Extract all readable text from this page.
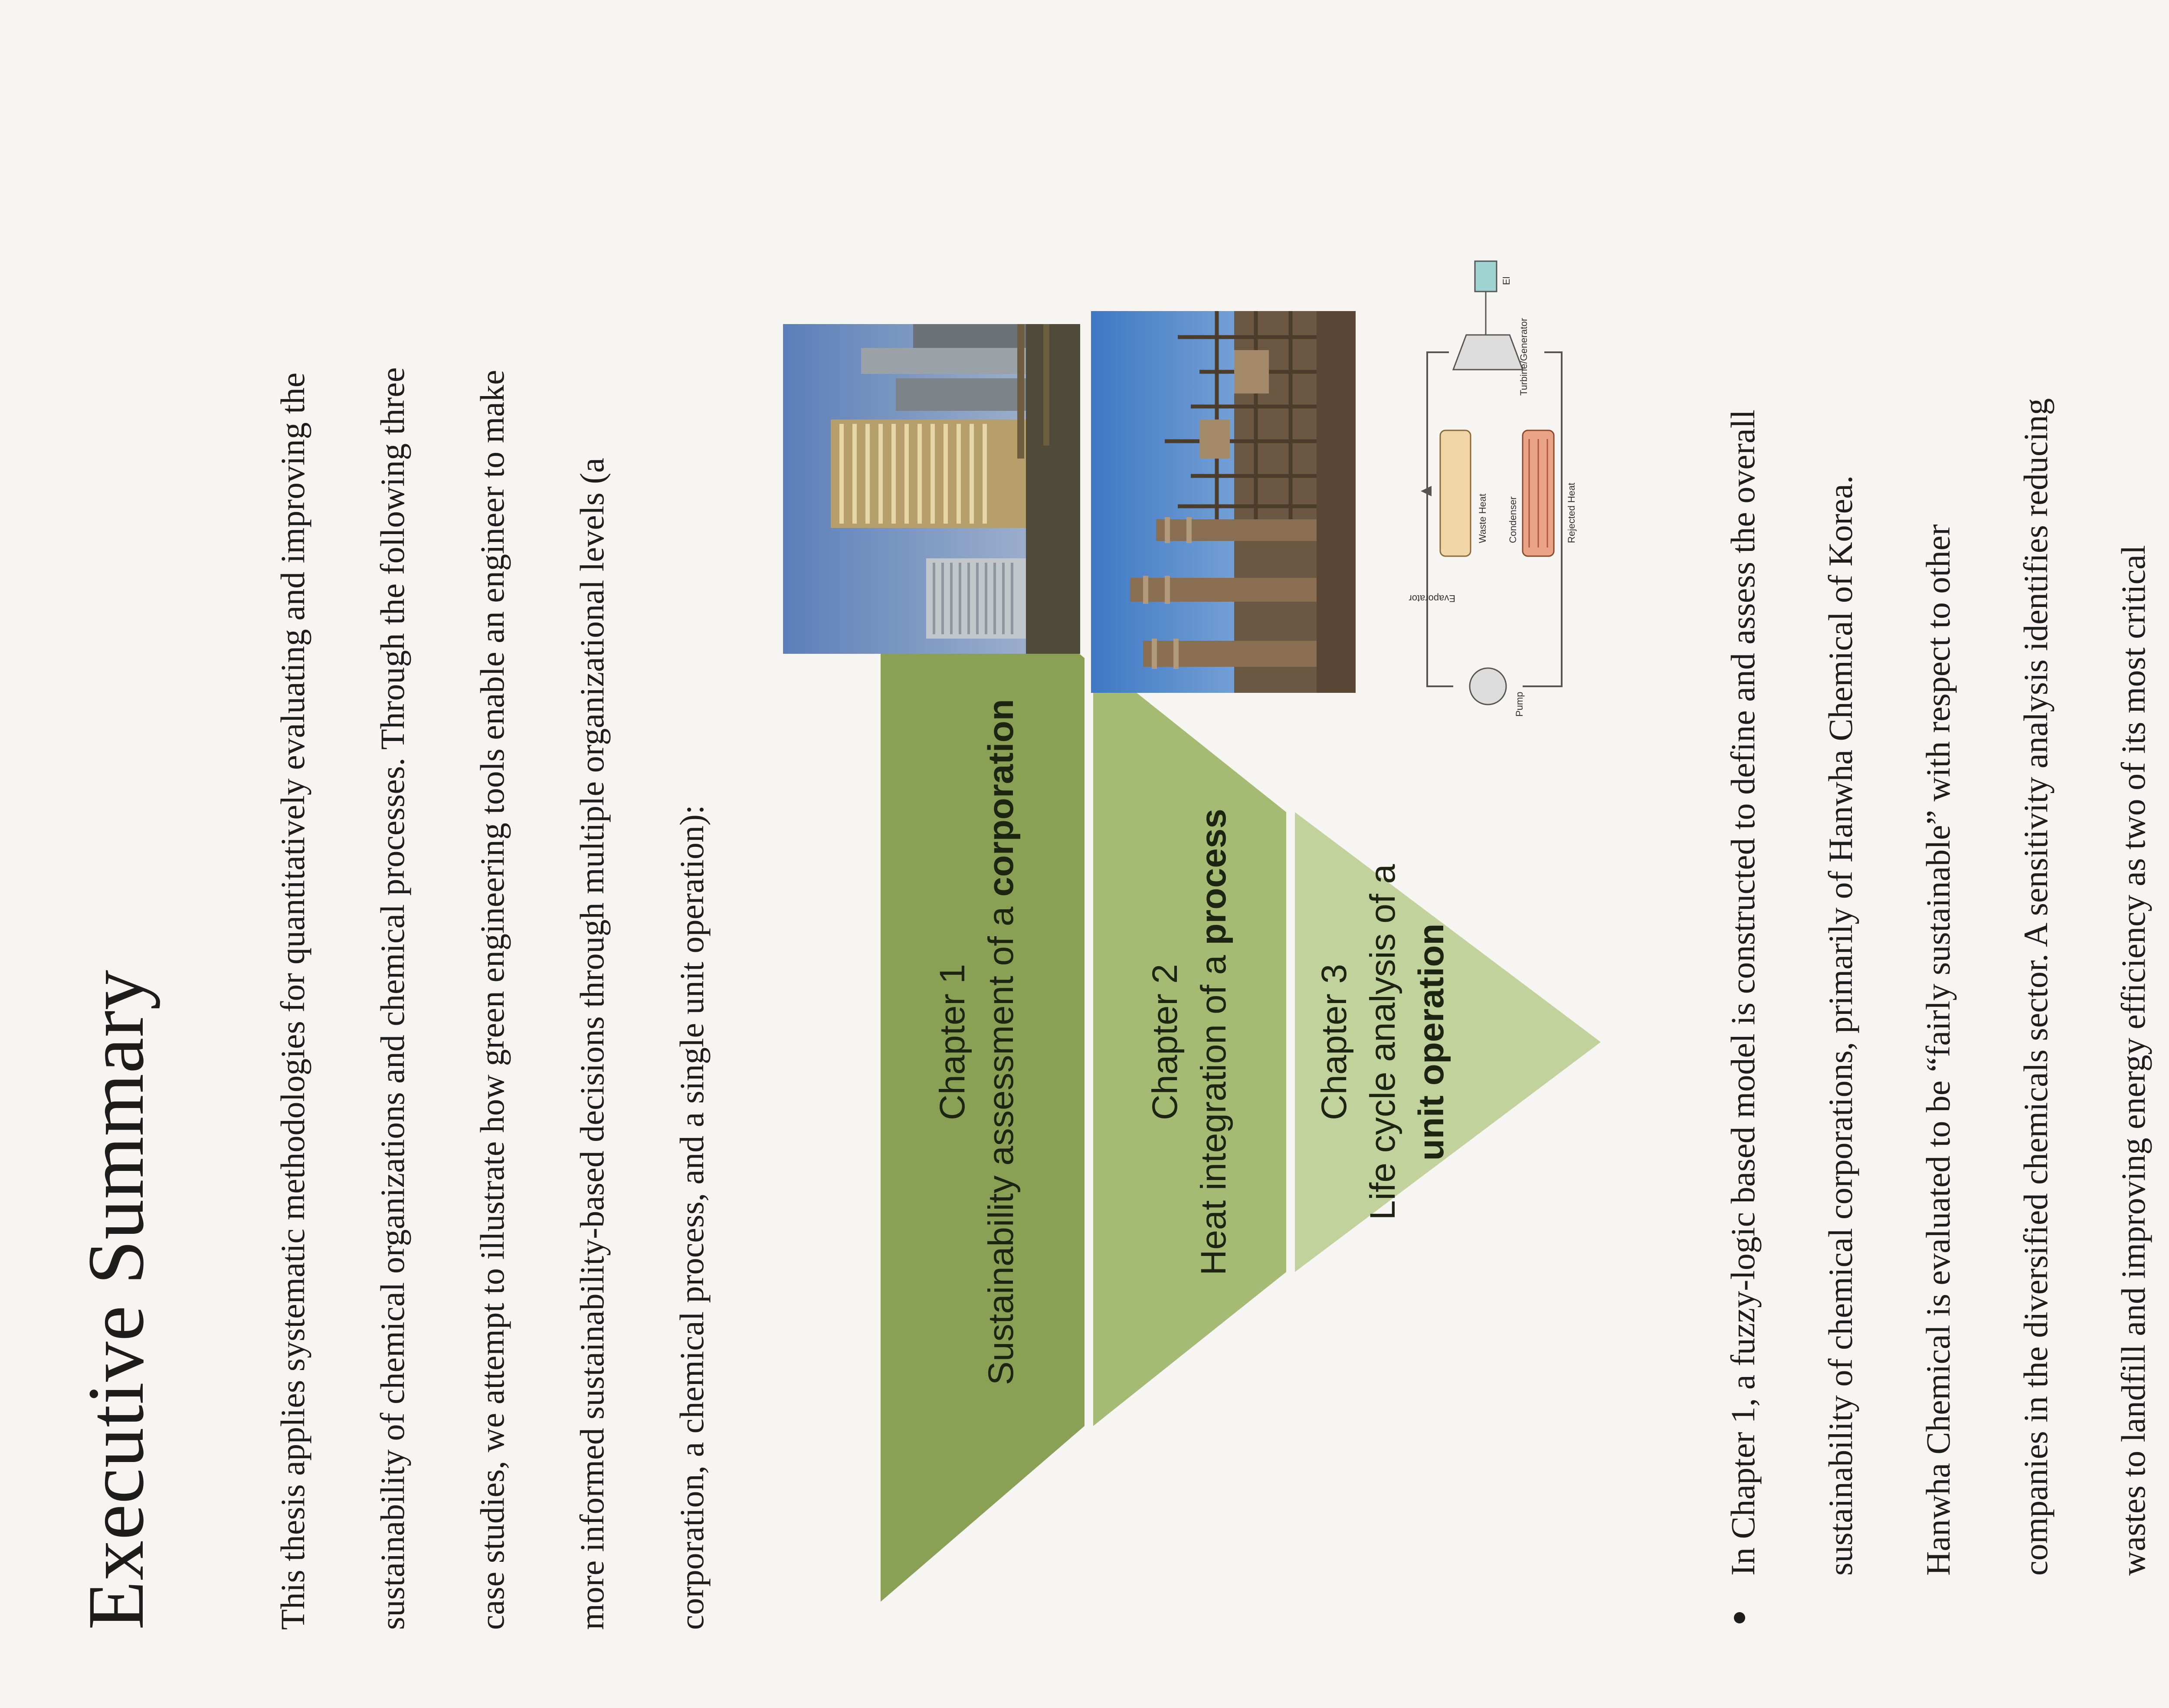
Executive Summary	This thesis applies systematic methodologies for quantitatively evaluating and improving the	sustainability of chemical organizations and chemical processes. Through the following three	case studies, we attempt to illustrate how green engineering tools enable an engineer to make	more informed sustainability-based decisions through multiple organizational levels (a	corporation, a chemical process, and a single unit operation):	Chapter 1 Sustainability assessment of a corporation
Chapter 2 Heat integration of a process
Chapter 3 Life cycle analysis of a unit operation
Evaporator
Waste Heat Condenser	Rejected Heat
Pump
Turbine/Generator
El

In Chapter 1, a fuzzy-logic based model is constructed to define and assess the overall	sustainability of chemical corporations, primarily of Hanwha Chemical of Korea.	Hanwha Chemical is evaluated to be “fairly sustainable” with respect to other	companies in the diversified chemicals sector. A sensitivity analysis identifies reducing	wastes to landfill and improving energy efficiency as two of its most critical
